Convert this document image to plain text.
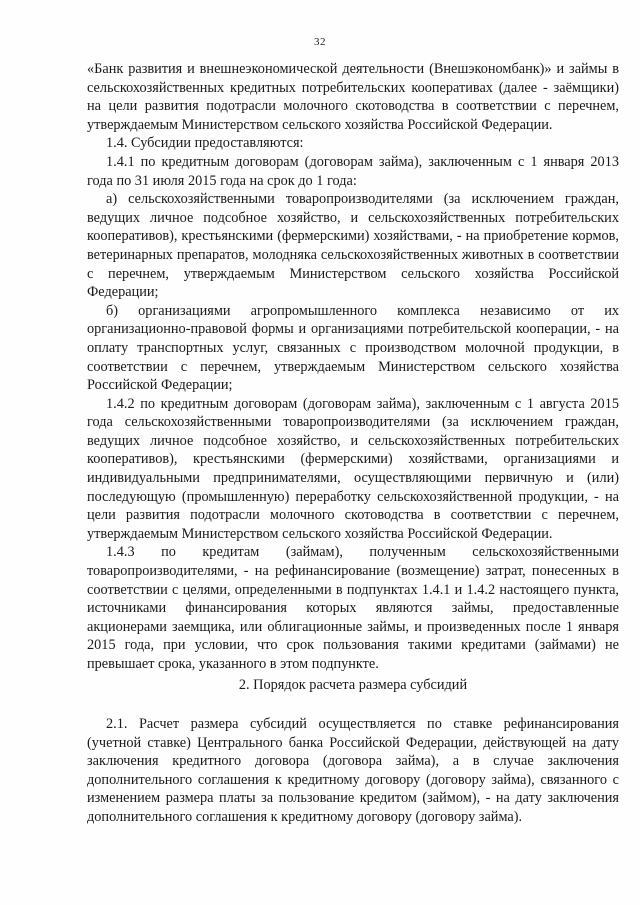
32

«Банк развития и внешнеэкономической деятельности (Внешэкономбанк)» и займы в сельскохозяйственных кредитных потребительских кооперативах (далее - заёмщики) на цели развития подотрасли молочного скотоводства в соответствии с перечнем, утверждаемым Министерством сельского хозяйства Российской Федерации.

1.4. Субсидии предоставляются:

1.4.1 по кредитным договорам (договорам займа), заключенным с 1 января 2013 года по 31 июля 2015 года на срок до 1 года:

а) сельскохозяйственными товаропроизводителями (за исключением граждан, ведущих личное подсобное хозяйство, и сельскохозяйственных потребительских кооперативов), крестьянскими (фермерскими) хозяйствами, - на приобретение кормов, ветеринарных препаратов, молодняка сельскохозяйственных животных в соответствии с перечнем, утверждаемым Министерством сельского хозяйства Российской Федерации;

б) организациями агропромышленного комплекса независимо от их организационно-правовой формы и организациями потребительской кооперации, - на оплату транспортных услуг, связанных с производством молочной продукции, в соответствии с перечнем, утверждаемым Министерством сельского хозяйства Российской Федерации;

1.4.2 по кредитным договорам (договорам займа), заключенным с 1 августа 2015 года сельскохозяйственными товаропроизводителями (за исключением граждан, ведущих личное подсобное хозяйство, и сельскохозяйственных потребительских кооперативов), крестьянскими (фермерскими) хозяйствами, организациями и индивидуальными предпринимателями, осуществляющими первичную и (или) последующую (промышленную) переработку сельскохозяйственной продукции, - на цели развития подотрасли молочного скотоводства в соответствии с перечнем, утверждаемым Министерством сельского хозяйства Российской Федерации.

1.4.3 по кредитам (займам), полученным сельскохозяйственными товаропроизводителями, - на рефинансирование (возмещение) затрат, понесенных в соответствии с целями, определенными в подпунктах 1.4.1 и 1.4.2 настоящего пункта, источниками финансирования которых являются займы, предоставленные акционерами заемщика, или облигационные займы, и произведенных после 1 января 2015 года, при условии, что срок пользования такими кредитами (займами) не превышает срока, указанного в этом подпункте.

2. Порядок расчета размера субсидий

2.1. Расчет размера субсидий осуществляется по ставке рефинансирования (учетной ставке) Центрального банка Российской Федерации, действующей на дату заключения кредитного договора (договора займа), а в случае заключения дополнительного соглашения к кредитному договору (договору займа), связанного с изменением размера платы за пользование кредитом (займом), - на дату заключения дополнительного соглашения к кредитному договору (договору займа).
